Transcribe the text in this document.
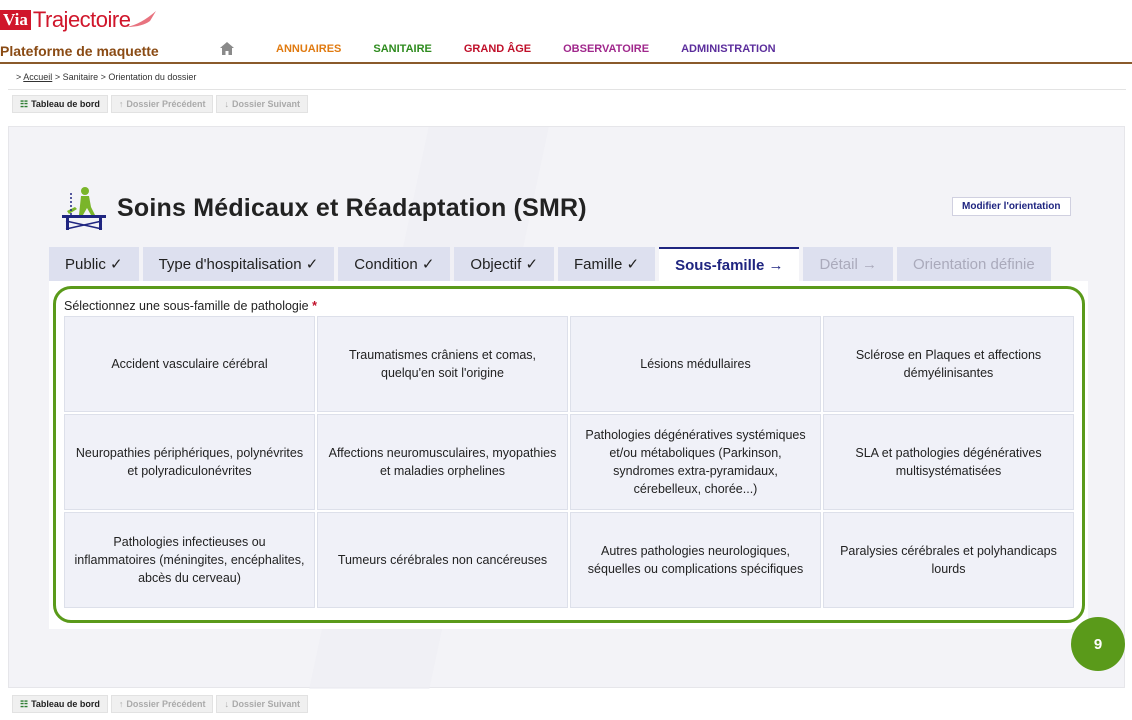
Via Trajectoire
Plateforme de maquette	ANNUAIRES	SANITAIRE	GRAND ÂGE	OBSERVATOIRE	ADMINISTRATION
> Accueil > Sanitaire > Orientation du dossier
☷ Tableau de bord ↑ Dossier Précédent ↓ Dossier Suivant
Soins Médicaux et Réadaptation (SMR)	Modifier l'orientation
Public ✓	Type d'hospitalisation ✓	Condition ✓	Objectif ✓	Famille ✓	Sous-famille →	Détail →	Orientation définie
Sélectionnez une sous-famille de pathologie *
Accident vasculaire cérébral
Traumatismes crâniens et comas, quelqu'en soit l'origine
Lésions médullaires
Sclérose en Plaques et affections démyélinisantes
Neuropathies périphériques, polynévrites et polyradiculonévrites
Affections neuromusculaires, myopathies et maladies orphelines
Pathologies dégénératives systémiques et/ou métaboliques (Parkinson, syndromes extra-pyramidaux, cérebelleux, chorée...)
SLA et pathologies dégénératives multisystématisées
Pathologies infectieuses ou inflammatoires (méningites, encéphalites, abcès du cerveau)
Tumeurs cérébrales non cancéreuses
Autres pathologies neurologiques, séquelles ou complications spécifiques
Paralysies cérébrales et polyhandicaps lourds
9
☷ Tableau de bord ↑ Dossier Précédent ↓ Dossier Suivant
